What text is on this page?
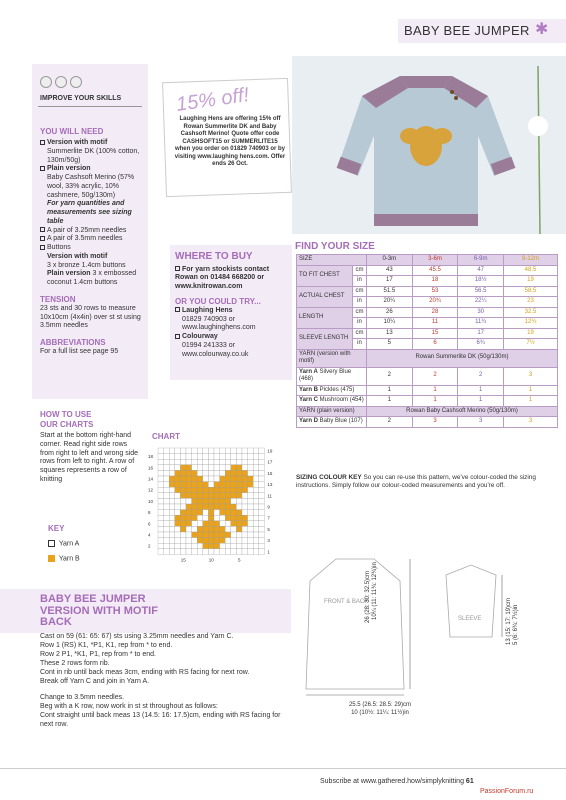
BABY BEE JUMPER ✱
IMPROVE YOUR SKILLS
YOU WILL NEED
Version with motif
Summerlite DK (100% cotton, 130m/50g)
Plain version
Baby Cashsoft Merino (57% wool, 33% acrylic, 10% cashmere, 50g/130m)
For yarn quantities and measurements see sizing table
A pair of 3.25mm needles
A pair of 3.5mm needles
Buttons
Version with motif
3 x bronze 1.4cm buttons
Plain version 3 x embossed coconut 1.4cm buttons
TENSION
23 sts and 30 rows to measure 10x10cm (4x4in) over st st using 3.5mm needles
ABBREVIATIONS
For a full list see page 95
HOW TO USE OUR CHARTS
Start at the bottom right-hand corner. Read right side rows from right to left and wrong side rows from left to right. A row of squares represents a row of knitting
CHART
18
16
14
12
10
8
6
4
2
19
17
15
13
11
9
7
5
3
1
15	10	5
KEY
Yarn A
Yarn B
15% off!
Laughing Hens are offering 15% off Rowan Summerlite DK and Baby Cashsoft Merino! Quote offer code CASHSOFT15 or SUMMERLITE15 when you order on 01829 740903 or by visiting www.laughing hens.com. Offer ends 26 Oct.
WHERE TO BUY
For yarn stockists contact Rowan on 01484 668200 or www.knitrowan.com
OR YOU COULD TRY...
Laughing Hens
01829 740903 or www.laughinghens.com
Colourway
01994 241333 or www.colourway.co.uk
FIND YOUR SIZE
SIZE		0-3m	3-6m	6-9m	9-12m
TO FIT CHEST	cm	43	45.5	47	48.5
	in	17	18	18½	19
ACTUAL CHEST	cm	51.5	53	56.5	58.5
	in	20¼	20¾	22¼	23
LENGTH	cm	26	28	30	32.5
	in	10¼	11	11¾	12¾
SLEEVE LENGTH	cm	13	15	17	19
	in	5	6	6¾	7½
YARN (version with motif)		Rowan Summerlite DK (50g/130m)			
Yarn A Silvery Blue (468)		2	2	2	3
Yarn B Pickles (475)		1	1	1	1
Yarn C Mushroom (454)		1	1	1	1
YARN (plain version)		Rowan Baby Cashsoft Merino (50g/130m)			
Yarn D Baby Blue (107)		2	3	3	3
SIZING COLOUR KEY So you can re-use this pattern, we've colour-coded the sizing instructions. Simply follow our colour-coded measurements and you're off.
BABY BEE JUMPER
VERSION WITH MOTIF
BACK
Cast on 59 (61: 65: 67) sts using 3.25mm needles and Yarn C.
Row 1 (RS) K1, *P1, K1, rep from * to end.
Row 2 P1, *K1, P1, rep from * to end.
These 2 rows form rib.
Cont in rib until back meas 3cm, ending with RS facing for next row.
Break off Yarn C and join in Yarn A.
Change to 3.5mm needles.
Beg with a K row, now work in st st throughout as follows:
Cont straight until back meas 13 (14.5: 16: 17.5)cm, ending with RS facing for next row.
FRONT & BACK
SLEEVE
25.5 (26.5: 28.5: 29)cm
10 (10½: 11¼: 11½)in
26 (28: 30: 32.5)cm 10¼ (11: 11¾: 12¾)in
13 (15: 17: 19)cm 5 (6: 6¾: 7½)in
Subscribe at www.gathered.how/simplyknitting 61
PassionForum.ru
